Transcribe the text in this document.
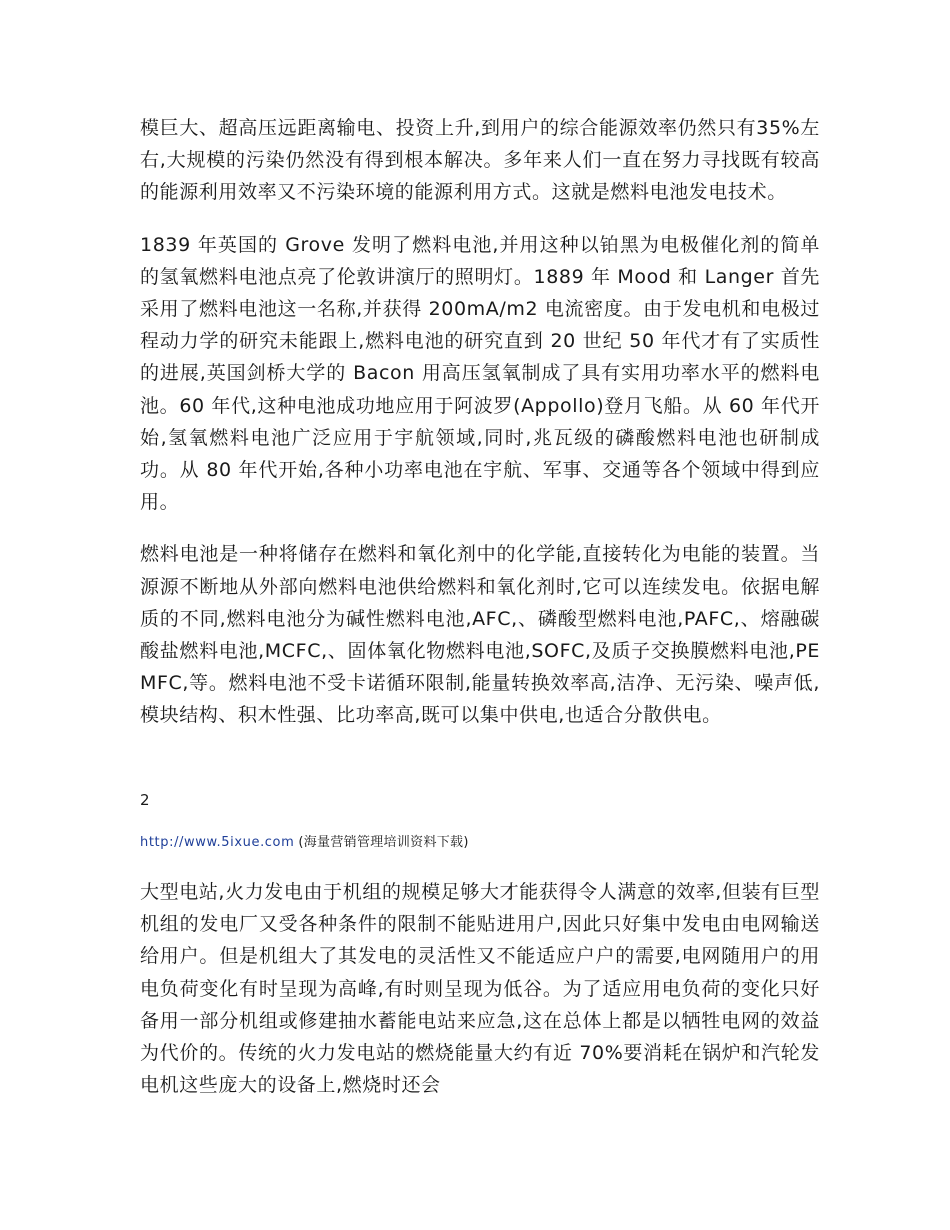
模巨大、超高压远距离输电、投资上升,到用户的综合能源效率仍然只有35%左右,大规模的污染仍然没有得到根本解决。多年来人们一直在努力寻找既有较高的能源利用效率又不污染环境的能源利用方式。这就是燃料电池发电技术。

1839 年英国的 Grove 发明了燃料电池,并用这种以铂黑为电极催化剂的简单的氢氧燃料电池点亮了伦敦讲演厅的照明灯。1889 年 Mood 和 Langer 首先采用了燃料电池这一名称,并获得 200mA/m2 电流密度。由于发电机和电极过程动力学的研究未能跟上,燃料电池的研究直到 20 世纪 50 年代才有了实质性的进展,英国剑桥大学的 Bacon 用高压氢氧制成了具有实用功率水平的燃料电池。60 年代,这种电池成功地应用于阿波罗(Appollo)登月飞船。从 60 年代开始,氢氧燃料电池广泛应用于宇航领域,同时,兆瓦级的磷酸燃料电池也研制成功。从 80 年代开始,各种小功率电池在宇航、军事、交通等各个领域中得到应用。

燃料电池是一种将储存在燃料和氧化剂中的化学能,直接转化为电能的装置。当源源不断地从外部向燃料电池供给燃料和氧化剂时,它可以连续发电。依据电解质的不同,燃料电池分为碱性燃料电池,AFC,、磷酸型燃料电池,PAFC,、熔融碳酸盐燃料电池,MCFC,、固体氧化物燃料电池,SOFC,及质子交换膜燃料电池,PEMFC,等。燃料电池不受卡诺循环限制,能量转换效率高,洁净、无污染、噪声低,模块结构、积木性强、比功率高,既可以集中供电,也适合分散供电。

2
http://www.5ixue.com (海量营销管理培训资料下载)

大型电站,火力发电由于机组的规模足够大才能获得令人满意的效率,但装有巨型机组的发电厂又受各种条件的限制不能贴进用户,因此只好集中发电由电网输送给用户。但是机组大了其发电的灵活性又不能适应户户的需要,电网随用户的用电负荷变化有时呈现为高峰,有时则呈现为低谷。为了适应用电负荷的变化只好备用一部分机组或修建抽水蓄能电站来应急,这在总体上都是以牺牲电网的效益为代价的。传统的火力发电站的燃烧能量大约有近 70%要消耗在锅炉和汽轮发电机这些庞大的设备上,燃烧时还会
